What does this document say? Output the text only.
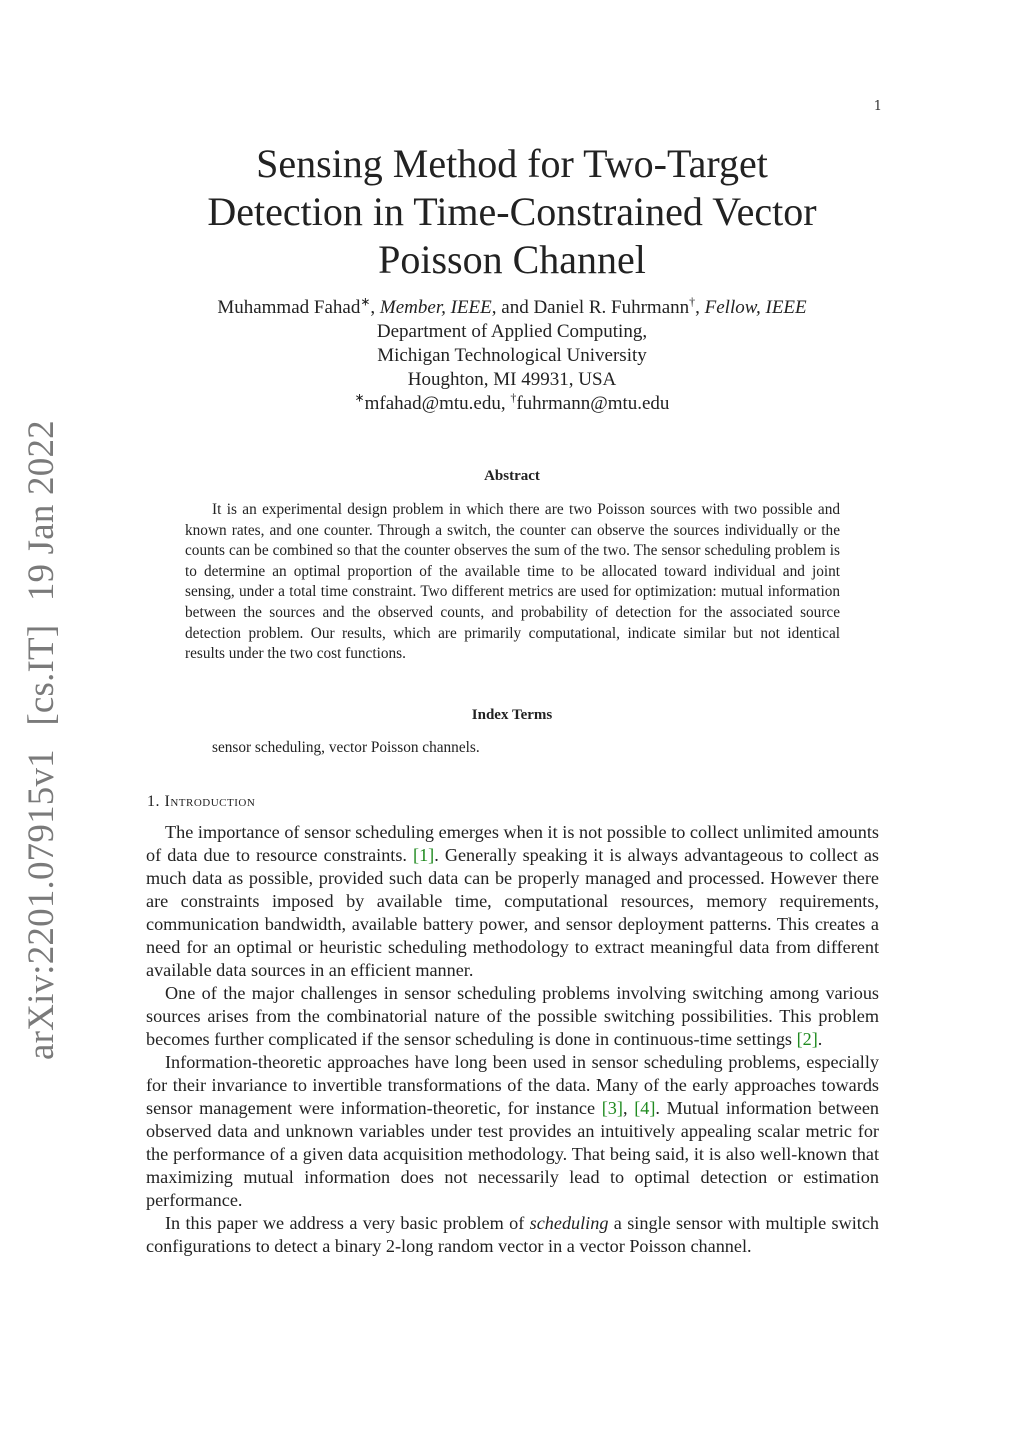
1
arXiv:2201.07915v1 [cs.IT] 19 Jan 2022
Sensing Method for Two-Target
Detection in Time-Constrained Vector
Poisson Channel
Muhammad Fahad∗, Member, IEEE, and Daniel R. Fuhrmann†, Fellow, IEEE
Department of Applied Computing,
Michigan Technological University
Houghton, MI 49931, USA
∗mfahad@mtu.edu, †fuhrmann@mtu.edu
Abstract
It is an experimental design problem in which there are two Poisson sources with two possible and known rates, and one counter. Through a switch, the counter can observe the sources individually or the counts can be combined so that the counter observes the sum of the two. The sensor scheduling problem is to determine an optimal proportion of the available time to be allocated toward individual and joint sensing, under a total time constraint. Two different metrics are used for optimization: mutual information between the sources and the observed counts, and probability of detection for the associated source detection problem. Our results, which are primarily computational, indicate similar but not identical results under the two cost functions.
Index Terms
sensor scheduling, vector Poisson channels.
1. Introduction

The importance of sensor scheduling emerges when it is not possible to collect unlimited amounts of data due to resource constraints. [1]. Generally speaking it is always advantageous to collect as much data as possible, provided such data can be properly managed and processed. However there are constraints imposed by available time, computational resources, memory requirements, communication bandwidth, available battery power, and sensor deployment patterns. This creates a need for an optimal or heuristic scheduling methodology to extract meaningful data from different available data sources in an efficient manner.

One of the major challenges in sensor scheduling problems involving switching among various sources arises from the combinatorial nature of the possible switching possibilities. This problem becomes further complicated if the sensor scheduling is done in continuous-time settings [2].

Information-theoretic approaches have long been used in sensor scheduling problems, especially for their invariance to invertible transformations of the data. Many of the early approaches towards sensor management were information-theoretic, for instance [3], [4]. Mutual information between observed data and unknown variables under test provides an intuitively appealing scalar metric for the performance of a given data acquisition methodology. That being said, it is also well-known that maximizing mutual information does not necessarily lead to optimal detection or estimation performance.

In this paper we address a very basic problem of scheduling a single sensor with multiple switch configurations to detect a binary 2-long random vector in a vector Poisson channel.
